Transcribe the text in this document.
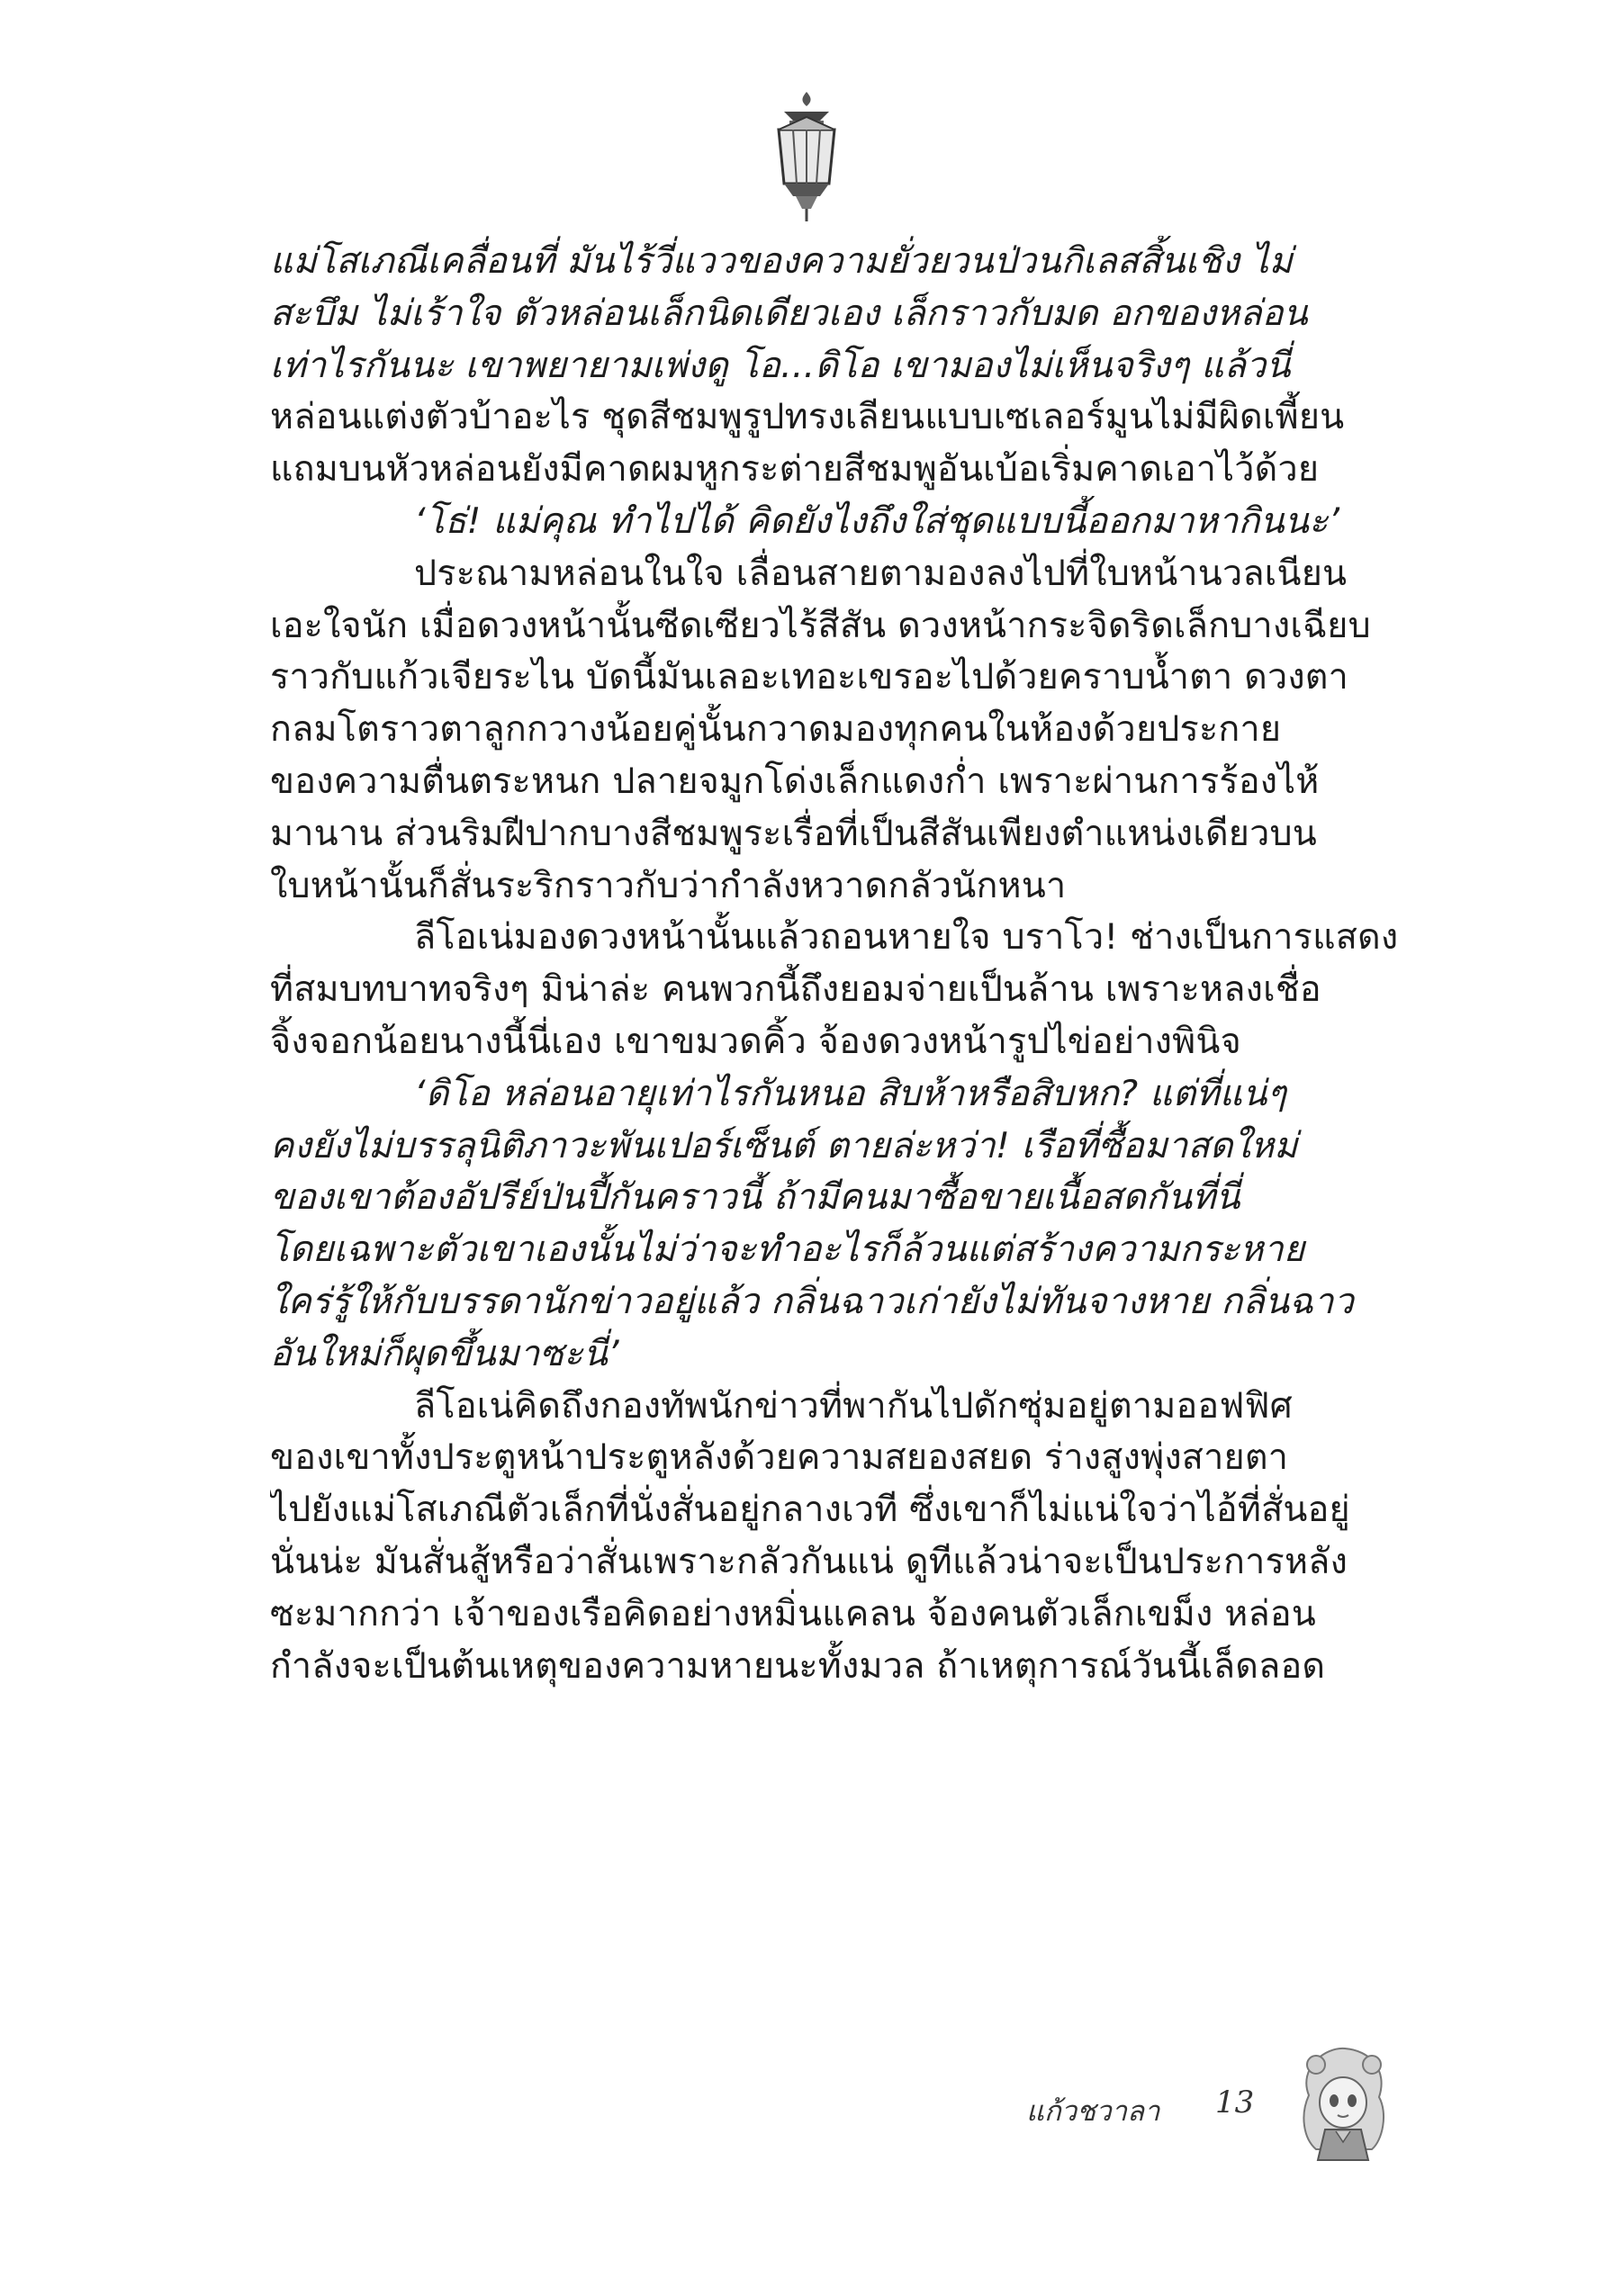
แม่โสเภณีเคลื่อนที่ มันไร้วี่แววของความยั่วยวนป่วนกิเลสสิ้นเชิง ไม่
สะบึม ไม่เร้าใจ ตัวหล่อนเล็กนิดเดียวเอง เล็กราวกับมด อกของหล่อน
เท่าไรกันนะ เขาพยายามเพ่งดู โอ...ดิโอ เขามองไม่เห็นจริงๆ แล้วนี่
หล่อนแต่งตัวบ้าอะไร ชุดสีชมพูรูปทรงเลียนแบบเซเลอร์มูนไม่มีผิดเพี้ยน
แถมบนหัวหล่อนยังมีคาดผมหูกระต่ายสีชมพูอันเบ้อเริ่มคาดเอาไว้ด้วย
‘โธ่! แม่คุณ ทำไปได้ คิดยังไงถึงใส่ชุดแบบนี้ออกมาหากินนะ’
ประณามหล่อนในใจ เลื่อนสายตามองลงไปที่ใบหน้านวลเนียน
เอะใจนัก เมื่อดวงหน้านั้นซีดเซียวไร้สีสัน ดวงหน้ากระจิดริดเล็กบางเฉียบ
ราวกับแก้วเจียระไน บัดนี้มันเลอะเทอะเขรอะไปด้วยคราบน้ำตา ดวงตา
กลมโตราวตาลูกกวางน้อยคู่นั้นกวาดมองทุกคนในห้องด้วยประกาย
ของความตื่นตระหนก ปลายจมูกโด่งเล็กแดงก่ำ เพราะผ่านการร้องไห้
มานาน ส่วนริมฝีปากบางสีชมพูระเรื่อที่เป็นสีสันเพียงตำแหน่งเดียวบน
ใบหน้านั้นก็สั่นระริกราวกับว่ากำลังหวาดกลัวนักหนา
ลีโอเน่มองดวงหน้านั้นแล้วถอนหายใจ บราโว! ช่างเป็นการแสดง
ที่สมบทบาทจริงๆ มิน่าล่ะ คนพวกนี้ถึงยอมจ่ายเป็นล้าน เพราะหลงเชื่อ
จิ้งจอกน้อยนางนี้นี่เอง เขาขมวดคิ้ว จ้องดวงหน้ารูปไข่อย่างพินิจ
‘ดิโอ หล่อนอายุเท่าไรกันหนอ สิบห้าหรือสิบหก? แต่ที่แน่ๆ
คงยังไม่บรรลุนิติภาวะพันเปอร์เซ็นต์ ตายล่ะหว่า! เรือที่ซื้อมาสดใหม่
ของเขาต้องอัปรีย์ป่นปี้กันคราวนี้ ถ้ามีคนมาซื้อขายเนื้อสดกันที่นี่
โดยเฉพาะตัวเขาเองนั้นไม่ว่าจะทำอะไรก็ล้วนแต่สร้างความกระหาย
ใคร่รู้ให้กับบรรดานักข่าวอยู่แล้ว กลิ่นฉาวเก่ายังไม่ทันจางหาย กลิ่นฉาว
อันใหม่ก็ผุดขึ้นมาซะนี่’
ลีโอเน่คิดถึงกองทัพนักข่าวที่พากันไปดักซุ่มอยู่ตามออฟฟิศ
ของเขาทั้งประตูหน้าประตูหลังด้วยความสยองสยด ร่างสูงพุ่งสายตา
ไปยังแม่โสเภณีตัวเล็กที่นั่งสั่นอยู่กลางเวที ซึ่งเขาก็ไม่แน่ใจว่าไอ้ที่สั่นอยู่
นั่นน่ะ มันสั่นสู้หรือว่าสั่นเพราะกลัวกันแน่ ดูทีแล้วน่าจะเป็นประการหลัง
ซะมากกว่า เจ้าของเรือคิดอย่างหมิ่นแคลน จ้องคนตัวเล็กเขม็ง หล่อน
กำลังจะเป็นต้นเหตุของความหายนะทั้งมวล ถ้าเหตุการณ์วันนี้เล็ดลอด
แก้วชวาลา 13
